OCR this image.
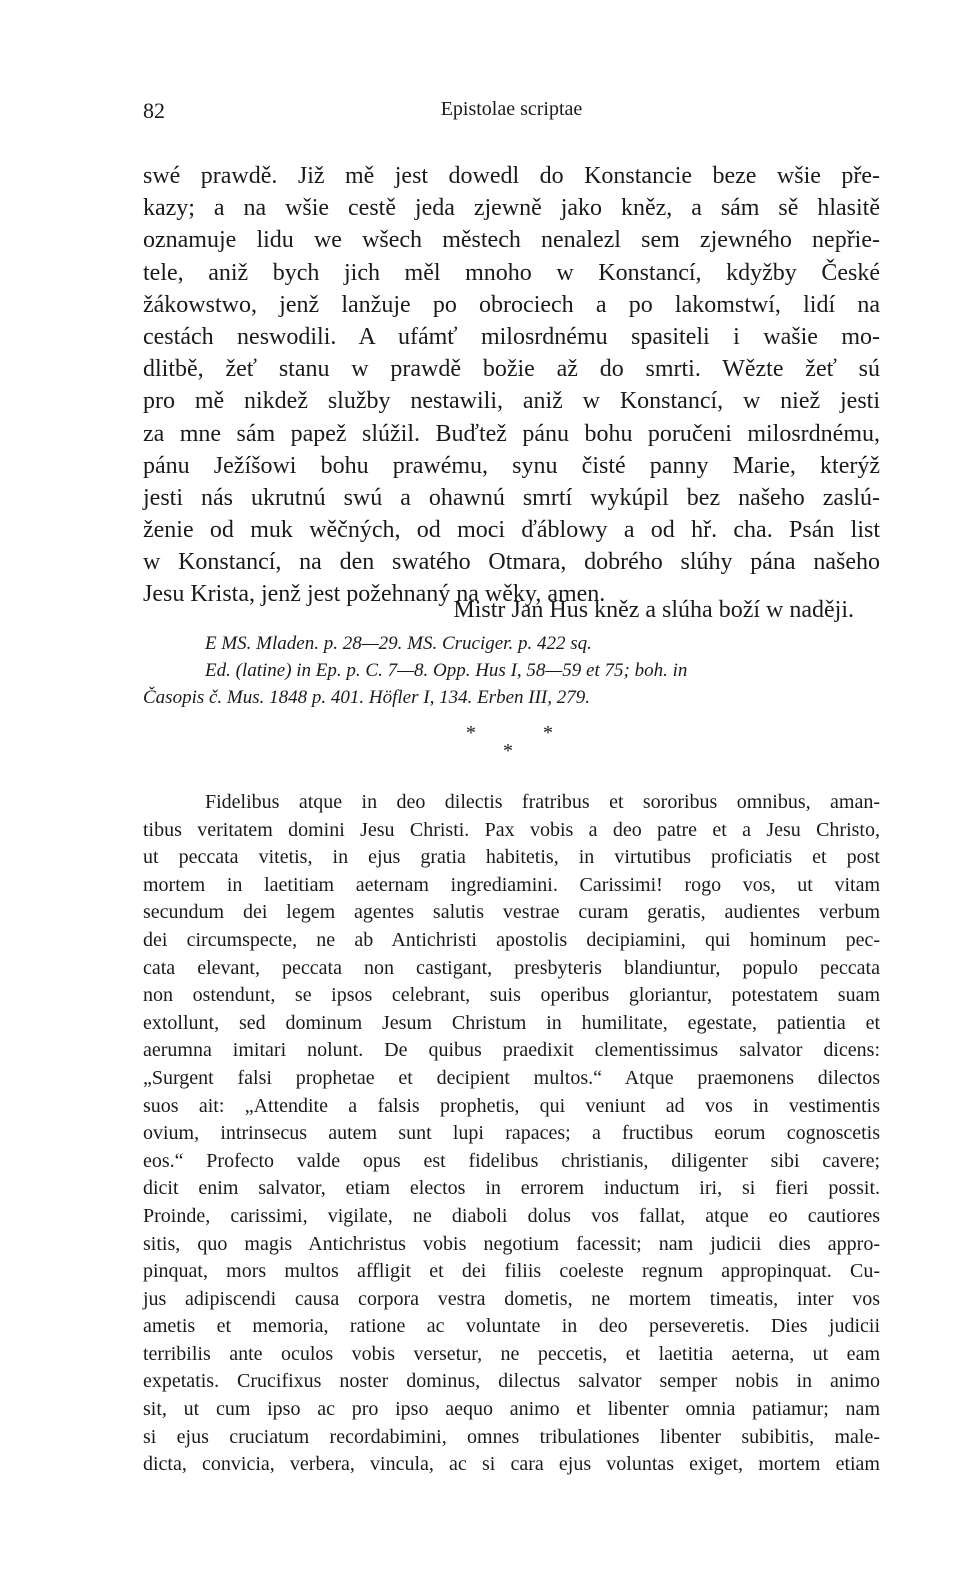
82	Epistolae scriptae
swé prawdě. Již mě jest dowedl do Konstancie beze wšie pře-
kazy; a na wšie cestě jeda zjewně jako kněz, a sám sě hlasitě
oznamuje lidu we wšech městech nenalezl sem zjewného nepřie-
tele, aniž bych jich měl mnoho w Konstancí, kdyžby České
žákowstwo, jenž lanžuje po obrociech a po lakomstwí, lidí na
cestách neswodili. A ufámť milosrdnému spasiteli i wašie mo-
dlitbě, žeť stanu w prawdě božie až do smrti. Wězte žeť sú
pro mě nikdež služby nestawili, aniž w Konstancí, w niež jesti
za mne sám papež slúžil. Buďtež pánu bohu poručeni milosrdnému,
pánu Ježíšowi bohu prawému, synu čisté panny Marie, kterýž
jesti nás ukrutnú swú a ohawnú smrtí wykúpil bez našeho zaslú-
ženie od muk wěčných, od moci ďáblowy a od hř. cha. Psán list
w Konstancí, na den swatého Otmara, dobrého slúhy pána našeho
Jesu Krista, jenž jest požehnaný na wěky, amen.
Mistr Jan Hus kněz a slúha boží w naději.
E MS. Mladen. p. 28—29. MS. Cruciger. p. 422 sq.
Ed. (latine) in Ep. p. C. 7—8. Opp. Hus I, 58—59 et 75; boh. in
Časopis č. Mus. 1848 p. 401. Höfler I, 134. Erben III, 279.
*	*
*
Fidelibus atque in deo dilectis fratribus et sororibus omnibus, aman-
tibus veritatem domini Jesu Christi. Pax vobis a deo patre et a Jesu Christo,
ut peccata vitetis, in ejus gratia habitetis, in virtutibus proficiatis et post
mortem in laetitiam aeternam ingrediamini. Carissimi! rogo vos, ut vitam
secundum dei legem agentes salutis vestrae curam geratis, audientes verbum
dei circumspecte, ne ab Antichristi apostolis decipiamini, qui hominum pec-
cata elevant, peccata non castigant, presbyteris blandiuntur, populo peccata
non ostendunt, se ipsos celebrant, suis operibus gloriantur, potestatem suam
extollunt, sed dominum Jesum Christum in humilitate, egestate, patientia et
aerumna imitari nolunt. De quibus praedixit clementissimus salvator dicens:
„Surgent falsi prophetae et decipient multos.“ Atque praemonens dilectos
suos ait: „Attendite a falsis prophetis, qui veniunt ad vos in vestimentis
ovium, intrinsecus autem sunt lupi rapaces; a fructibus eorum cognoscetis
eos.“ Profecto valde opus est fidelibus christianis, diligenter sibi cavere;
dicit enim salvator, etiam electos in errorem inductum iri, si fieri possit.
Proinde, carissimi, vigilate, ne diaboli dolus vos fallat, atque eo cautiores
sitis, quo magis Antichristus vobis negotium facessit; nam judicii dies appro-
pinquat, mors multos affligit et dei filiis coeleste regnum appropinquat. Cu-
jus adipiscendi causa corpora vestra dometis, ne mortem timeatis, inter vos
ametis et memoria, ratione ac voluntate in deo perseveretis. Dies judicii
terribilis ante oculos vobis versetur, ne peccetis, et laetitia aeterna, ut eam
expetatis. Crucifixus noster dominus, dilectus salvator semper nobis in animo
sit, ut cum ipso ac pro ipso aequo animo et libenter omnia patiamur; nam
si ejus cruciatum recordabimini, omnes tribulationes libenter subibitis, male-
dicta, convicia, verbera, vincula, ac si cara ejus voluntas exiget, mortem etiam
